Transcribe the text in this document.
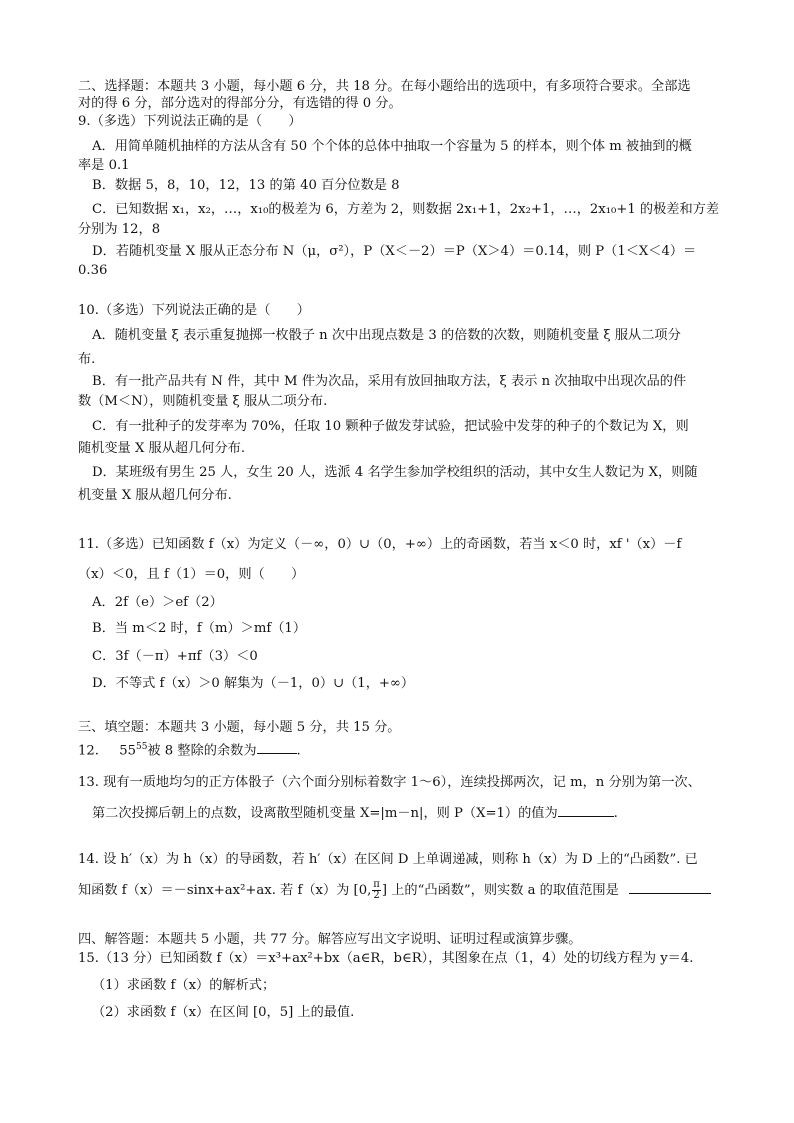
二、选择题：本题共 3 小题，每小题 6 分，共 18 分。在每小题给出的选项中，有多项符合要求。全部选
对的得 6 分，部分选对的得部分分，有选错的得 0 分。
9.（多选）下列说法正确的是（　　）
A．用简单随机抽样的方法从含有 50 个个体的总体中抽取一个容量为 5 的样本，则个体 m 被抽到的概
率是 0.1
B．数据 5，8，10，12，13 的第 40 百分位数是 8
C．已知数据 x₁，x₂，…，x₁₀的极差为 6，方差为 2，则数据 2x₁+1，2x₂+1，…，2x₁₀+1 的极差和方差
分别为 12，8
D．若随机变量 X 服从正态分布 N（μ，σ²），P（X＜－2）＝P（X＞4）＝0.14，则 P（1＜X＜4）＝
0.36
10.（多选）下列说法正确的是（　　）
A．随机变量 ξ 表示重复抛掷一枚骰子 n 次中出现点数是 3 的倍数的次数，则随机变量 ξ 服从二项分
布.
B．有一批产品共有 N 件，其中 M 件为次品，采用有放回抽取方法，ξ 表示 n 次抽取中出现次品的件
数（M＜N），则随机变量 ξ 服从二项分布.
C．有一批种子的发芽率为 70%，任取 10 颗种子做发芽试验，把试验中发芽的种子的个数记为 X，则
随机变量 X 服从超几何分布.
D．某班级有男生 25 人，女生 20 人，选派 4 名学生参加学校组织的活动，其中女生人数记为 X，则随
机变量 X 服从超几何分布.
11.（多选）已知函数 f（x）为定义（－∞，0）∪（0，+∞）上的奇函数，若当 x＜0 时，xf '（x）－f
（x）＜0，且 f（1）＝0，则（　　）
A．2f（e）＞ef（2）
B．当 m＜2 时，f（m）＞mf（1）
C．3f（－π）+πf（3）＜0
D．不等式 f（x）＞0 解集为（－1，0）∪（1，+∞）
三、填空题：本题共 3 小题，每小题 5 分，共 15 分。
12. $55^{55}$被 8 整除的余数为	.
13. 现有一质地均匀的正方体骰子（六个面分别标着数字 1～6），连续投掷两次，记 m，n 分别为第一次、
第二次投掷后朝上的点数，设离散型随机变量 X=|m－n|，则 P（X=1）的值为	.
14. 设 h′（x）为 h（x）的导函数，若 h′（x）在区间 D 上单调递减，则称 h（x）为 D 上的“凸函数”. 已
知函数 f（x）＝－sinx+ax²+ax. 若 f（x）为 [0, $\frac{\pi}{2}$ ] 上的“凸函数”，则实数 a 的取值范围是
四、解答题：本题共 5 小题，共 77 分。解答应写出文字说明、证明过程或演算步骤。
15.（13 分）已知函数 f（x）＝x³+ax²+bx（a∈R，b∈R），其图象在点（1，4）处的切线方程为 y＝4.
（1）求函数 f（x）的解析式；
（2）求函数 f（x）在区间 [0，5] 上的最值.
